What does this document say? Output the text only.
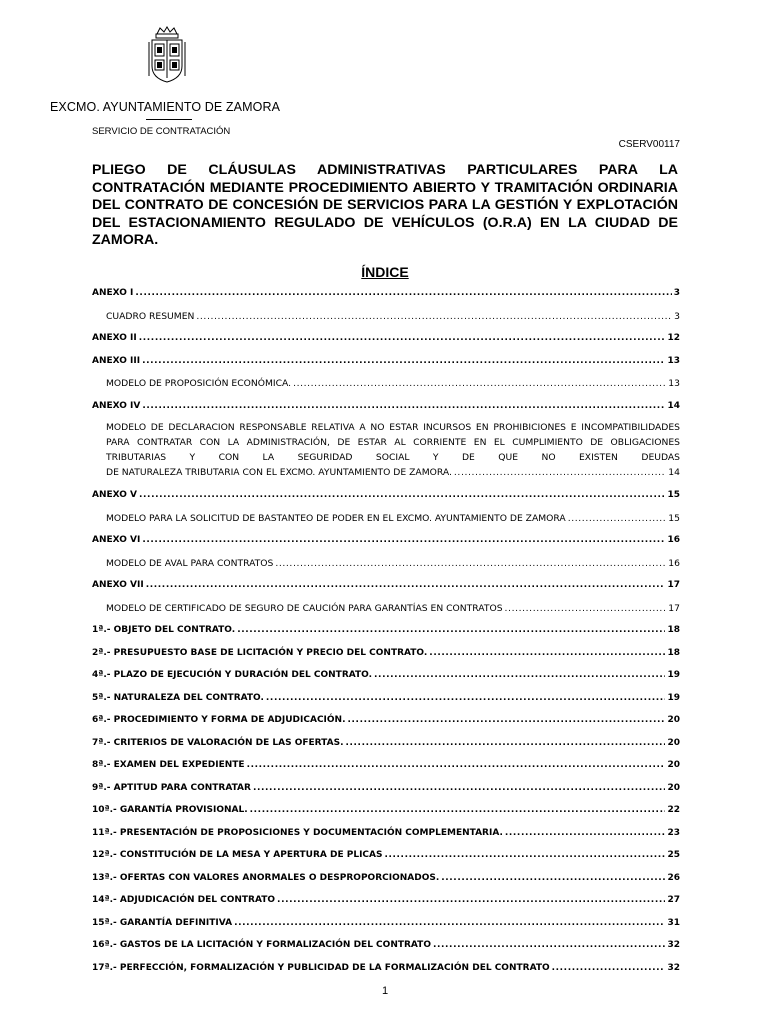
EXCMO. AYUNTAMIENTO DE ZAMORA
SERVICIO DE CONTRATACIÓN
CSERV00117
PLIEGO DE CLÁUSULAS ADMINISTRATIVAS PARTICULARES PARA LA CONTRATACIÓN MEDIANTE PROCEDIMIENTO ABIERTO Y TRAMITACIÓN ORDINARIA DEL CONTRATO DE CONCESIÓN DE SERVICIOS PARA LA GESTIÓN Y EXPLOTACIÓN DEL ESTACIONAMIENTO REGULADO DE VEHÍCULOS (O.R.A) EN LA CIUDAD DE ZAMORA.
ÍNDICE
ANEXO I .....	3
CUADRO RESUMEN .....	3
ANEXO II .....	12
ANEXO III .....	13
MODELO DE PROPOSICIÓN ECONÓMICA. .....	13
ANEXO IV .....	14
MODELO DE DECLARACION RESPONSABLE RELATIVA A NO ESTAR INCURSOS EN PROHIBICIONES E INCOMPATIBILIDADES PARA CONTRATAR CON LA ADMINISTRACIÓN, DE ESTAR AL CORRIENTE EN EL CUMPLIMIENTO DE OBLIGACIONES TRIBUTARIAS Y CON LA SEGURIDAD SOCIAL Y DE QUE NO EXISTEN DEUDAS
DE NATURALEZA TRIBUTARIA CON EL EXCMO. AYUNTAMIENTO DE ZAMORA. .....	14
ANEXO V .....	15
MODELO PARA LA SOLICITUD DE BASTANTEO DE PODER EN EL EXCMO. AYUNTAMIENTO DE ZAMORA .....	15
ANEXO VI .....	16
MODELO DE AVAL PARA CONTRATOS .....	16
ANEXO VII .....	17
MODELO DE CERTIFICADO DE SEGURO DE CAUCIÓN PARA GARANTÍAS EN CONTRATOS .....	17
1ª.- OBJETO DEL CONTRATO. .....	18
2ª.- PRESUPUESTO BASE DE LICITACIÓN Y PRECIO DEL CONTRATO. .....	18
4ª.- PLAZO DE EJECUCIÓN Y DURACIÓN DEL CONTRATO. .....	19
5ª.- NATURALEZA DEL CONTRATO. .....	19
6ª.- PROCEDIMIENTO Y FORMA DE ADJUDICACIÓN. .....	20
7ª.- CRITERIOS DE VALORACIÓN DE LAS OFERTAS. .....	20
8ª.- EXAMEN DEL EXPEDIENTE .....	20
9ª.- APTITUD PARA CONTRATAR .....	20
10ª.- GARANTÍA PROVISIONAL. .....	22
11ª.- PRESENTACIÓN DE PROPOSICIONES Y DOCUMENTACIÓN COMPLEMENTARIA. .....	23
12ª.- CONSTITUCIÓN DE LA MESA Y APERTURA DE PLICAS .....	25
13ª.- OFERTAS CON VALORES ANORMALES O DESPROPORCIONADOS. .....	26
14ª.- ADJUDICACIÓN DEL CONTRATO .....	27
15ª.- GARANTÍA DEFINITIVA .....	31
16ª.- GASTOS DE LA LICITACIÓN Y FORMALIZACIÓN DEL CONTRATO .....	32
17ª.- PERFECCIÓN, FORMALIZACIÓN Y PUBLICIDAD DE LA FORMALIZACIÓN DEL CONTRATO .....	32
1
